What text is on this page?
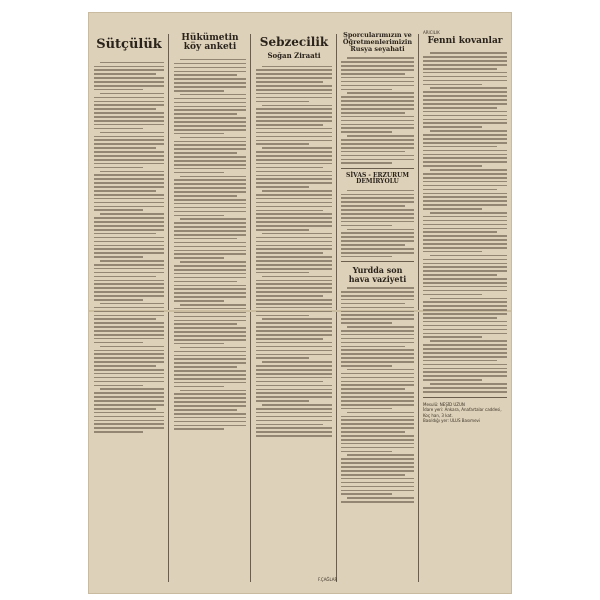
Sütçülük	Hükümetin köy anketi	Sebzecilik
Soğan Ziraati
Sporcularımızın ve Öğretmenlerimizin Rusya seyahati
SİVAS - ERZURUM DEMİRYOLU
Yurdda son hava vaziyeti
ARICILIK
Fenni kovanlar
Mesulü: NEŞİD UZUN
İdare yeri: Ankara, Anafartalar caddesi, Koç han, 3 kat.
Basıldığı yer: ULUS Basımevi
F.ÇAĞLAR
